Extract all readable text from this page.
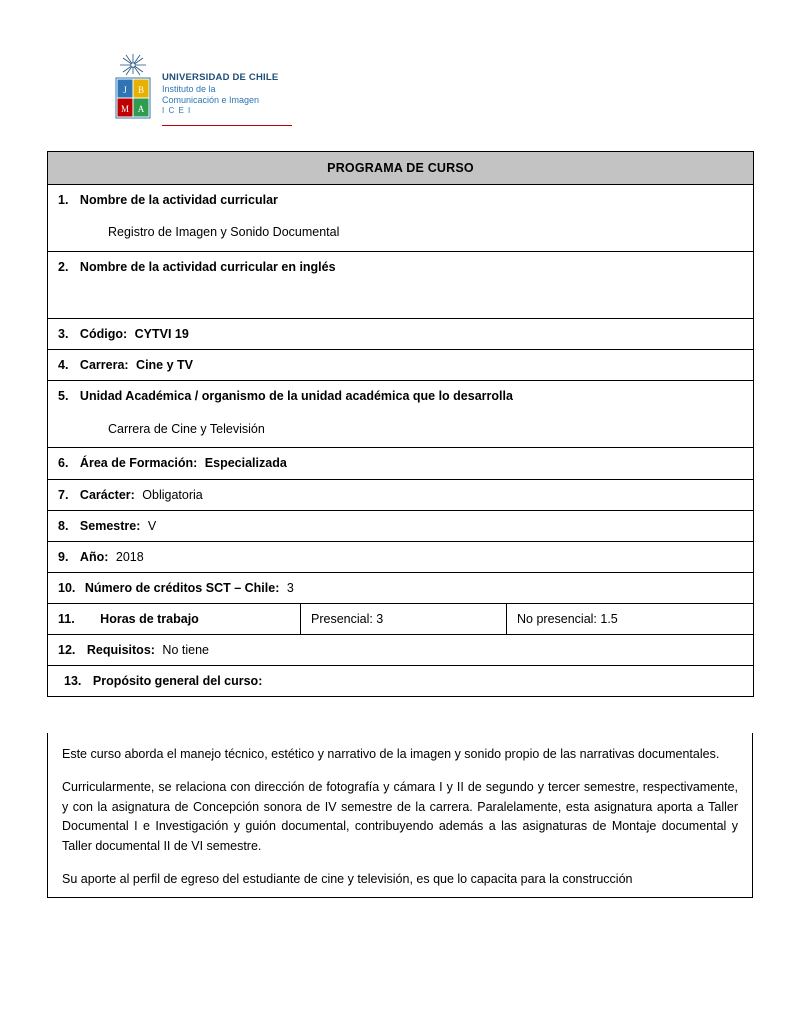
J B
M A
UNIVERSIDAD DE CHILE
Instituto de la
Comunicación e Imagen
I C E I
PROGRAMA DE CURSO

1. Nombre de la actividad curricular
Registro de Imagen y Sonido Documental

2. Nombre de la actividad curricular en inglés

3. Código: CYTVI 19

4. Carrera: Cine y TV

5. Unidad Académica / organismo de la unidad académica que lo desarrolla
Carrera de Cine y Televisión

6. Área de Formación: Especializada

7. Carácter: Obligatoria

8. Semestre: V

9. Año: 2018

10. Número de créditos SCT – Chile: 3

11. Horas de trabajo	Presencial: 3	No presencial: 1.5

12. Requisitos: No tiene

13. Propósito general del curso:

Este curso aborda el manejo técnico, estético y narrativo de la imagen y sonido propio de las narrativas documentales.

Curricularmente, se relaciona con dirección de fotografía y cámara I y II de segundo y tercer semestre, respectivamente, y con la asignatura de Concepción sonora de IV semestre de la carrera. Paralelamente, esta asignatura aporta a Taller Documental I e Investigación y guión documental, contribuyendo además a las asignaturas de Montaje documental y Taller documental II de VI semestre.

Su aporte al perfil de egreso del estudiante de cine y televisión, es que lo capacita para la construcción
